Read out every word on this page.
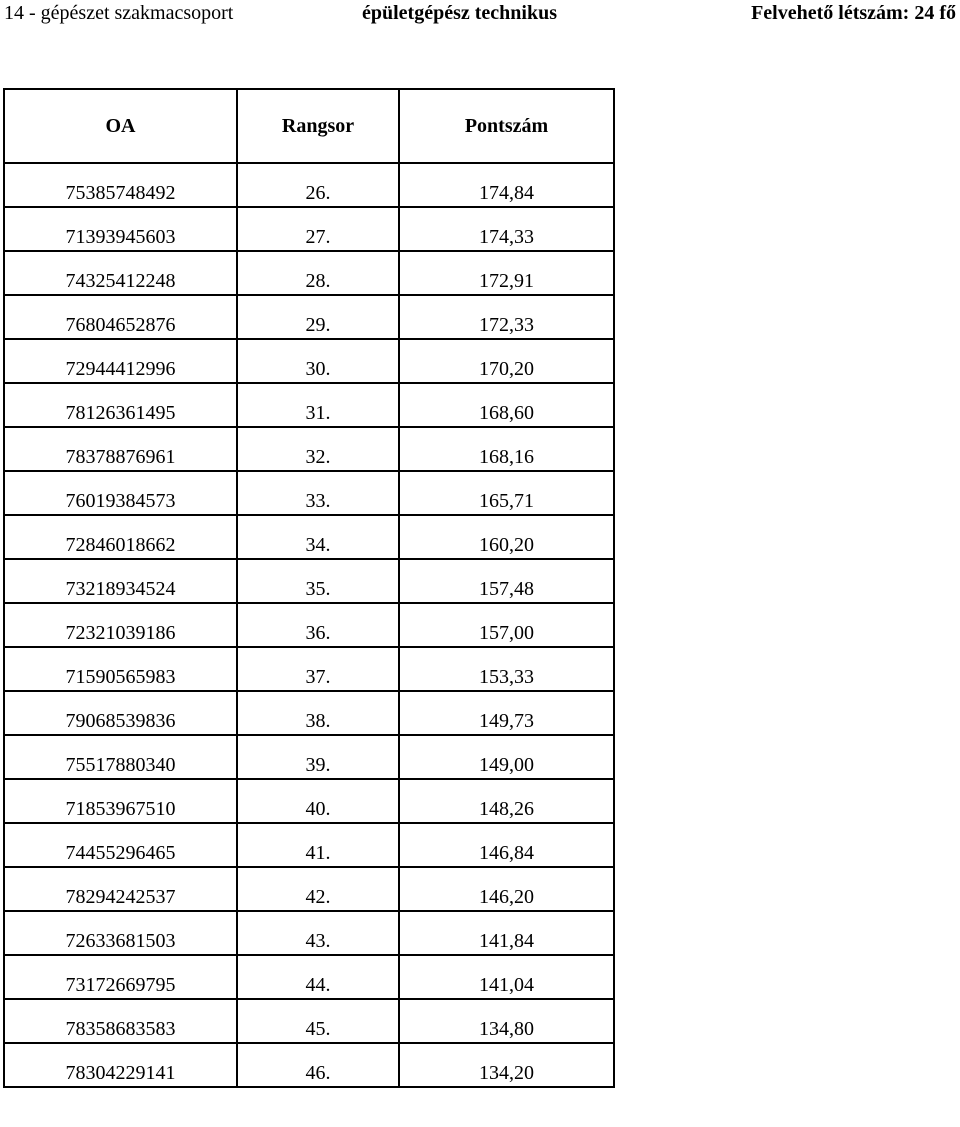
14 - gépészet szakmacsoport	épületgépész technikus	Felvehető létszám: 24 fő
OA	Rangsor	Pontszám
75385748492	26.	174,84
71393945603	27.	174,33
74325412248	28.	172,91
76804652876	29.	172,33
72944412996	30.	170,20
78126361495	31.	168,60
78378876961	32.	168,16
76019384573	33.	165,71
72846018662	34.	160,20
73218934524	35.	157,48
72321039186	36.	157,00
71590565983	37.	153,33
79068539836	38.	149,73
75517880340	39.	149,00
71853967510	40.	148,26
74455296465	41.	146,84
78294242537	42.	146,20
72633681503	43.	141,84
73172669795	44.	141,04
78358683583	45.	134,80
78304229141	46.	134,20
